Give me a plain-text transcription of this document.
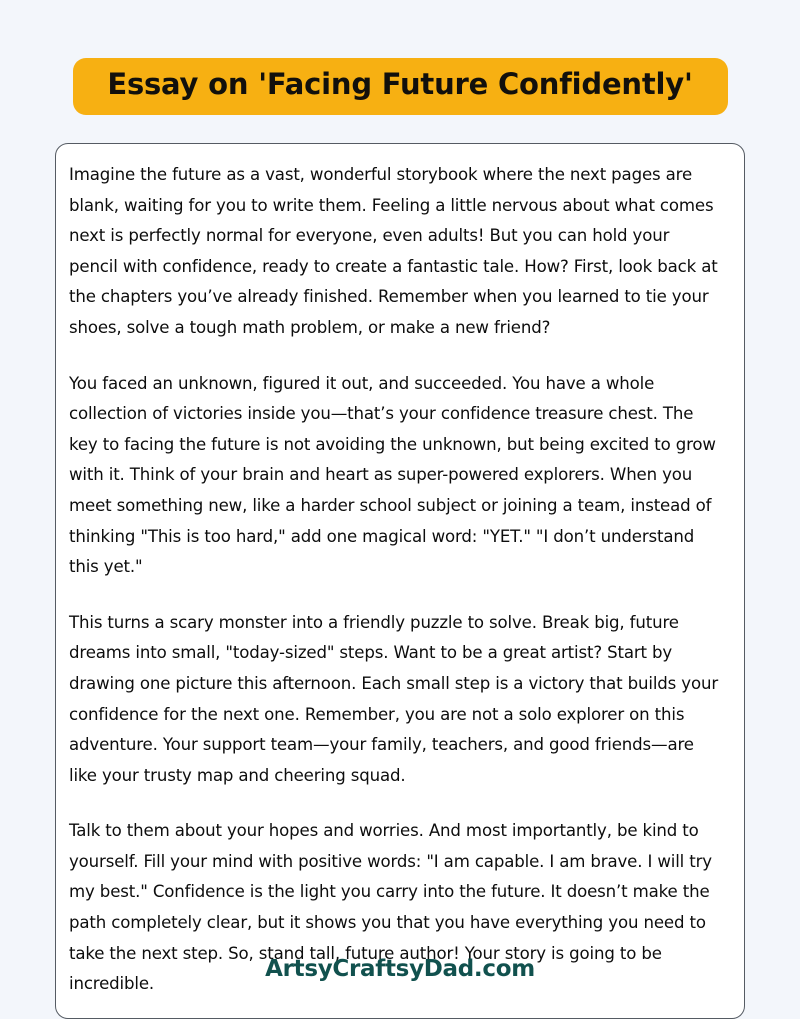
Essay on 'Facing Future Confidently'

Imagine the future as a vast, wonderful storybook where the next pages are blank, waiting for you to write them. Feeling a little nervous about what comes next is perfectly normal for everyone, even adults! But you can hold your pencil with confidence, ready to create a fantastic tale. How? First, look back at the chapters you’ve already finished. Remember when you learned to tie your shoes, solve a tough math problem, or make a new friend?

You faced an unknown, figured it out, and succeeded. You have a whole collection of victories inside you—that’s your confidence treasure chest. The key to facing the future is not avoiding the unknown, but being excited to grow with it. Think of your brain and heart as super-powered explorers. When you meet something new, like a harder school subject or joining a team, instead of thinking "This is too hard," add one magical word: "YET." "I don’t understand this yet."

This turns a scary monster into a friendly puzzle to solve. Break big, future dreams into small, "today-sized" steps. Want to be a great artist? Start by drawing one picture this afternoon. Each small step is a victory that builds your confidence for the next one. Remember, you are not a solo explorer on this adventure. Your support team—your family, teachers, and good friends—are like your trusty map and cheering squad.

Talk to them about your hopes and worries. And most importantly, be kind to yourself. Fill your mind with positive words: "I am capable. I am brave. I will try my best." Confidence is the light you carry into the future. It doesn’t make the path completely clear, but it shows you that you have everything you need to take the next step. So, stand tall, future author! Your story is going to be incredible.

ArtsyCraftsyDad.com
